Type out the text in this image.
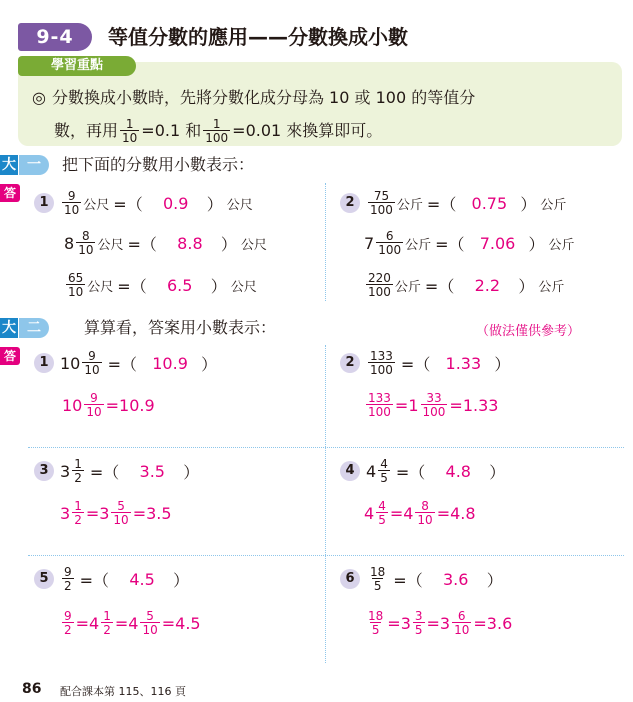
9-4	等值分數的應用——分數換成小數
學習重點
◎ 分數換成小數時，先將分數化成分母為 10 或 100 的等值分
數，再用 $\frac{1}{10} =0.1$ 和 $\frac{1}{100} =0.01$ 來換算即可。
大 一	把下面的分數用小數表示：
答
1	$\frac{9}{10}$ 公尺 =（	0.9	） 公尺
$8 \frac{8}{10}$ 公尺 =（	8.8	） 公尺
$\frac{65}{10}$ 公尺 =（	6.5	） 公尺
2	$\frac{75}{100}$ 公斤 =（ 0.75 ） 公斤
$7 \frac{6}{100}$ 公斤 =（ 7.06 ） 公斤
$\frac{220}{100}$ 公斤 =（	2.2	） 公斤
大 二	算算看，答案用小數表示：	（做法僅供參考）
答	1 $10 \frac{9}{10}$ =（ 10.9 ）
$10 \frac{9}{10} =10.9$
2	$\frac{133}{100}$ =（ 1.33 ）
$\frac{133}{100} =1 \frac{33}{100} =1.33$
3 $3 \frac{1}{2}$ =（	3.5	）
$3 \frac{1}{2} =3 \frac{5}{10} =3.5$
4 $4 \frac{4}{5}$ =（	4.8	）
$4 \frac{4}{5} =4 \frac{8}{10} =4.8$
5	$\frac{9}{2}$ =（	4.5	）
$\frac{9}{2} =4 \frac{1}{2} =4 \frac{5}{10} =4.5$
6	$\frac{18}{5}$ =（	3.6	）
$\frac{18}{5} =3 \frac{3}{5} =3 \frac{6}{10} =3.6$
86 配合課本第 115、116 頁
